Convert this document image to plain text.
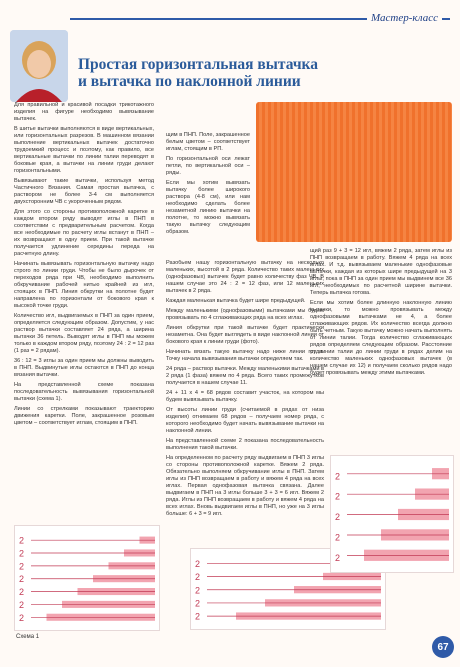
Мастер-класс
Простая горизонтальная вытачка
и вытачка по наклонной линии

Для правильной и красивой посадки трикотажного изделия на фигуре необходимо вывязывание вытачек.

В шитье вытачки выполняются в виде вертикальных, или горизонтальных разрезов. В машинном вязании выполнение вертикальных вытачек достаточно трудоемкий процесс и поэтому, как правило, все вертикальные вытачки по линии талии переводят в боковые края, а вытачки на линии груди делают горизонтальными.

Вывязывают такие вытачки, используя метод Частичного Вязания. Самая простая вытачка, с раствором не более 3-4 см выполняется двухсторонним ЧВ с укороченным рядом.

Для этого со стороны противоположной каретке в каждом втором ряду выводят иглы в ПНП в соответствии с предварительным расчетом. Когда все необходимые по расчету иглы встанут в ПНП – их возвращают в одну прием. При такой вытачке получается удлинение середины переда на расчетную длину.

Начинать вывязывать горизонтальную вытачку надо строго по линии груди. Чтобы не было дырочек от переходов ряда при ЧВ, необходимо выполнить обкручивание рабочей нитью крайней из игл, стоящих в ПНП. Линия обкрутки на полотне будет направлена по горизонтали от бокового края к высокой точке груди.

Количество игл, выдвигаемых в ПНП за один прием, определяется следующим образом. Допустим, у нас раствор вытачки составляет 24 ряда, а ширина вытачки 36 петель. Выводят иглы в ПНП мы можем только в каждом втором ряду, поэтому 24 : 2 = 12 раз (1 раз = 2 рядам).

36 : 12 = 3 иглы за один прием мы должны выводить в ПНП. Выдвинутые иглы остаются в ПНП до конца вязания вытачки.

На представленной схеме показана последовательность вывязывания горизонтальной вытачки (схема 1).

Линии со стрелками показывают траекторию движения каретки. Поле, закрашенное розовым цветом – соответствует иглам, стоящим в ПНП.

щим в ПНП. Поле, закрашенное белым цветом – соответствует иглам, стоящим в РП.

По горизонтальной оси лежат петли, по вертикальной оси – ряды.

Если мы хотим вывязать вытачку более широкого раствора (4-8 см), или нам необходимо сделать более незаметной линию вытачки на полотне, то можно вывязать такую вытачку следующим образом.

Разобьем нашу горизонтальную вытачку на несколько маленьких, высотой в 2 ряда. Количество таких маленьких (однофазовых) вытачек будет равно количеству фаз ЧВ. В нашем случае это 24 : 2 = 12 фаз, или 12 маленьких вытачек в 2 ряда.

Каждая маленькая вытачка будет шире предыдущей.

Между маленькими (однофазовыми) вытачками мы будем провязывать по 4 сглаживающих ряда на всех иглах.

Линия обкрутки при такой вытачке будет практически незаметна. Она будет выглядеть в виде наклонной линии от бокового края к линии груди (фото).

Начинать вязать такую вытачку надо ниже линии груди. Точку начала вывязывания вытачки определяем так.

24 ряда – раствор вытачки. Между маленькими вытачками в 2 ряда (1 фаза) вяжем по 4 ряда. Всего таких промежутков получается в нашем случае 11.

24 + 11 х 4 = 68 рядов составит участок, на котором мы будем вывязывать вытачку.

От высоты линии груди (считаемой в рядах от низа изделия) отнимаем 68 рядов – получаем номер ряда, с которого необходимо будет начать вывязывание вытачки на наклонной линии.

На представленной схеме 2 показана последовательность выполнения такой вытачки.

На определенном по расчету ряду выдвигаем в ПНП 3 иглы со стороны противоположной каретке. Вяжем 2 ряда. Обязательно выполняем обкручивание иглы в ПНП. Затем иглы из ПНП возвращаем в работу и вяжем 4 ряда на всех иглах. Первая однофазовая вытачка связана. Далее выдвигаем в ПНП на 3 иглы больше 3 + 3 = 6 игл. Вяжем 2 ряда. Иглы из ПНП возвращаем в работу и вяжем 4 ряда на всех иглах. Вновь выдвигаем иглы в ПНП, но уже на 3 иглы больше: 6 + 3 = 9 игл.

щий раз 9 + 3 = 12 игл, вяжем 2 ряда, затем иглы из ПНП возвращаем в работу. Вяжем 4 ряда на всех иглах. И т.д. вывязываем маленькие однофазовые вытачки, каждая из которых шире предыдущей на 3 иглы, пока в ПНП за один прием мы выдвинем все 36 игл, необходимых по расчетной ширине вытачки. Теперь вытачка готова.

Если мы хотим более длинную наклонную линию вытачки, то можно провязывать между однофазовыми вытачками не 4, а более сглаживающих рядов. Их количество всегда должно быть четным. Такую вытачку можно начать выполнять от линии талии. Тогда количество сглаживающих рядов определяем следующим образом. Расстояние от линии талии до линии груди в рядах делим на количество маленьких однофазовых вытачек (в нашем случае их 12) и получаем сколько рядов надо будет провязывать между этими вытачками.

2
2
2
2
2
2
2
Схема 1
2
2
2
2
2
2
2
2
2
2
67
